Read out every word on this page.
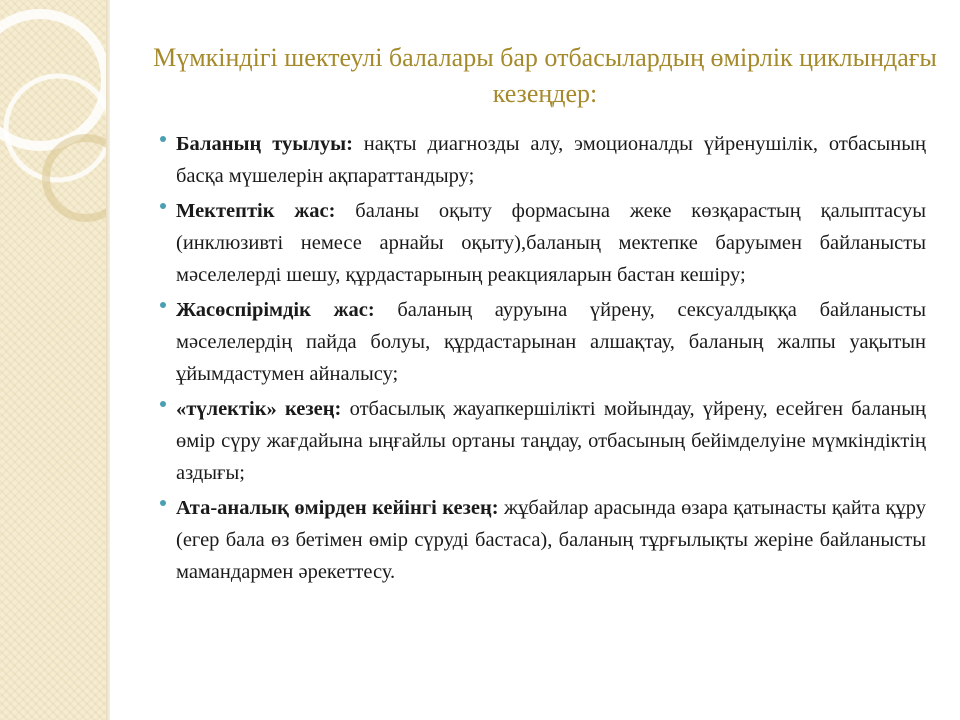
Мүмкіндігі шектеулі балалары бар отбасылардың өмірлік циклындағы кезеңдер:

Баланың туылуы: нақты диагнозды алу, эмоционалды үйренушілік, отбасының басқа мүшелерін ақпараттандыру;

Мектептік жас: баланы оқыту формасына жеке көзқарастың қалыптасуы (инклюзивті немесе арнайы оқыту),баланың мектепке баруымен байланысты мәселелерді шешу, құрдастарының реакцияларын бастан кешіру;

Жасөспірімдік жас: баланың ауруына үйрену, сексуалдыққа байланысты мәселелердің пайда болуы, құрдастарынан алшақтау, баланың жалпы уақытын ұйымдастумен айналысу;

«түлектік» кезең: отбасылық жауапкершілікті мойындау, үйрену, есейген баланың өмір сүру жағдайына ыңғайлы ортаны таңдау, отбасының бейімделуіне мүмкіндіктің аздығы;

Ата-аналық өмірден кейінгі кезең: жұбайлар арасында өзара қатынасты қайта құру (егер бала өз бетімен өмір сүруді бастаса), баланың тұрғылықты жеріне байланысты мамандармен әрекеттесу.
